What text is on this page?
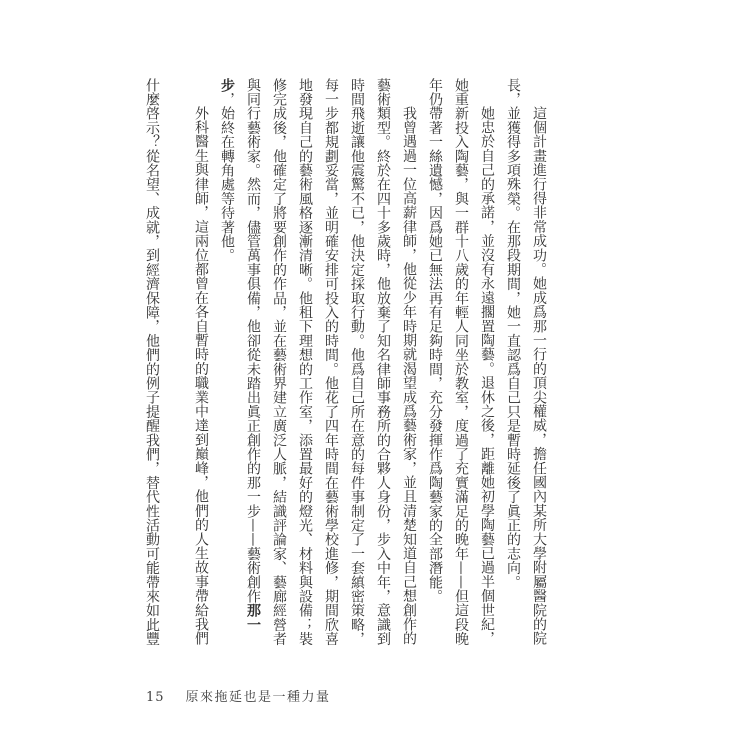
這個計畫進行得非常成功。她成爲那一行的頂尖權威，擔任國內某所大學附屬醫院的院
長，並獲得多項殊榮。在那段期間，她一直認爲自己只是暫時延後了眞正的志向。
她忠於自己的承諾，並沒有永遠擱置陶藝。退休之後，距離她初學陶藝已過半個世紀，
她重新投入陶藝，與一群十八歲的年輕人同坐於教室，度過了充實滿足的晚年——但這段晚
年仍帶著一絲遺憾，因爲她已無法再有足夠時間，充分發揮作爲陶藝家的全部潛能。
我曾遇過一位高薪律師，他從少年時期就渴望成爲藝術家，並且清楚知道自己想創作的
藝術類型。終於在四十多歲時，他放棄了知名律師事務所的合夥人身份，步入中年，意識到
時間飛逝讓他震驚不已，他決定採取行動。他爲自己所在意的每件事制定了一套縝密策略，
每一步都規劃妥當，並明確安排可投入的時間。他花了四年時間在藝術學校進修，期間欣喜
地發現自己的藝術風格逐漸清晰。他租下理想的工作室，添置最好的燈光、材料與設備；裝
修完成後，他確定了將要創作的作品，並在藝術界建立廣泛人脈，結識評論家、藝廊經營者
與同行藝術家。然而，儘管萬事俱備，他卻從未踏出眞正創作的那一步——藝術創作那一
步，始終在轉角處等待著他。
外科醫生與律師，這兩位都曾在各自暫時的職業中達到巔峰，他們的人生故事帶給我們
什麼啓示？從名望、成就，到經濟保障，他們的例子提醒我們，替代性活動可能帶來如此豐
15 原來拖延也是一種力量
